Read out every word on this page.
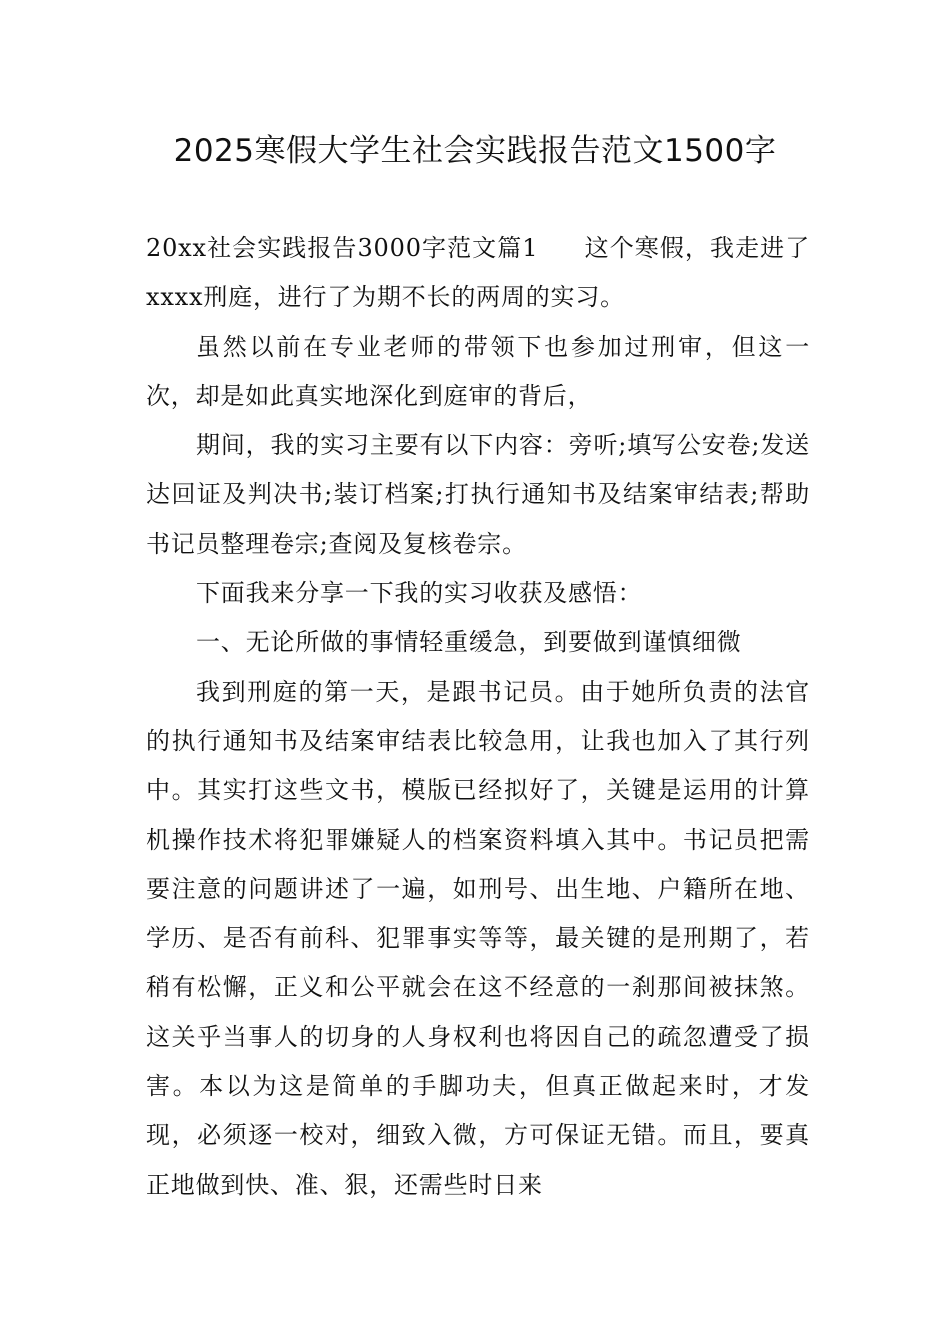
2025寒假大学生社会实践报告范文1500字

20xx社会实践报告3000字范文篇1 这个寒假，我走进了xxxx刑庭，进行了为期不长的两周的实习。

虽然以前在专业老师的带领下也参加过刑审，但这一次，却是如此真实地深化到庭审的背后，

期间，我的实习主要有以下内容：旁听;填写公安卷;发送达回证及判决书;装订档案;打执行通知书及结案审结表;帮助书记员整理卷宗;查阅及复核卷宗。

下面我来分享一下我的实习收获及感悟：

一、无论所做的事情轻重缓急，到要做到谨慎细微

我到刑庭的第一天，是跟书记员。由于她所负责的法官的执行通知书及结案审结表比较急用，让我也加入了其行列中。其实打这些文书，模版已经拟好了，关键是运用的计算机操作技术将犯罪嫌疑人的档案资料填入其中。书记员把需要注意的问题讲述了一遍，如刑号、出生地、户籍所在地、学历、是否有前科、犯罪事实等等，最关键的是刑期了，若稍有松懈，正义和公平就会在这不经意的一刹那间被抹煞。这关乎当事人的切身的人身权利也将因自己的疏忽遭受了损害。本以为这是简单的手脚功夫，但真正做起来时，才发现，必须逐一校对，细致入微，方可保证无错。而且，要真正地做到快、准、狠，还需些时日来
